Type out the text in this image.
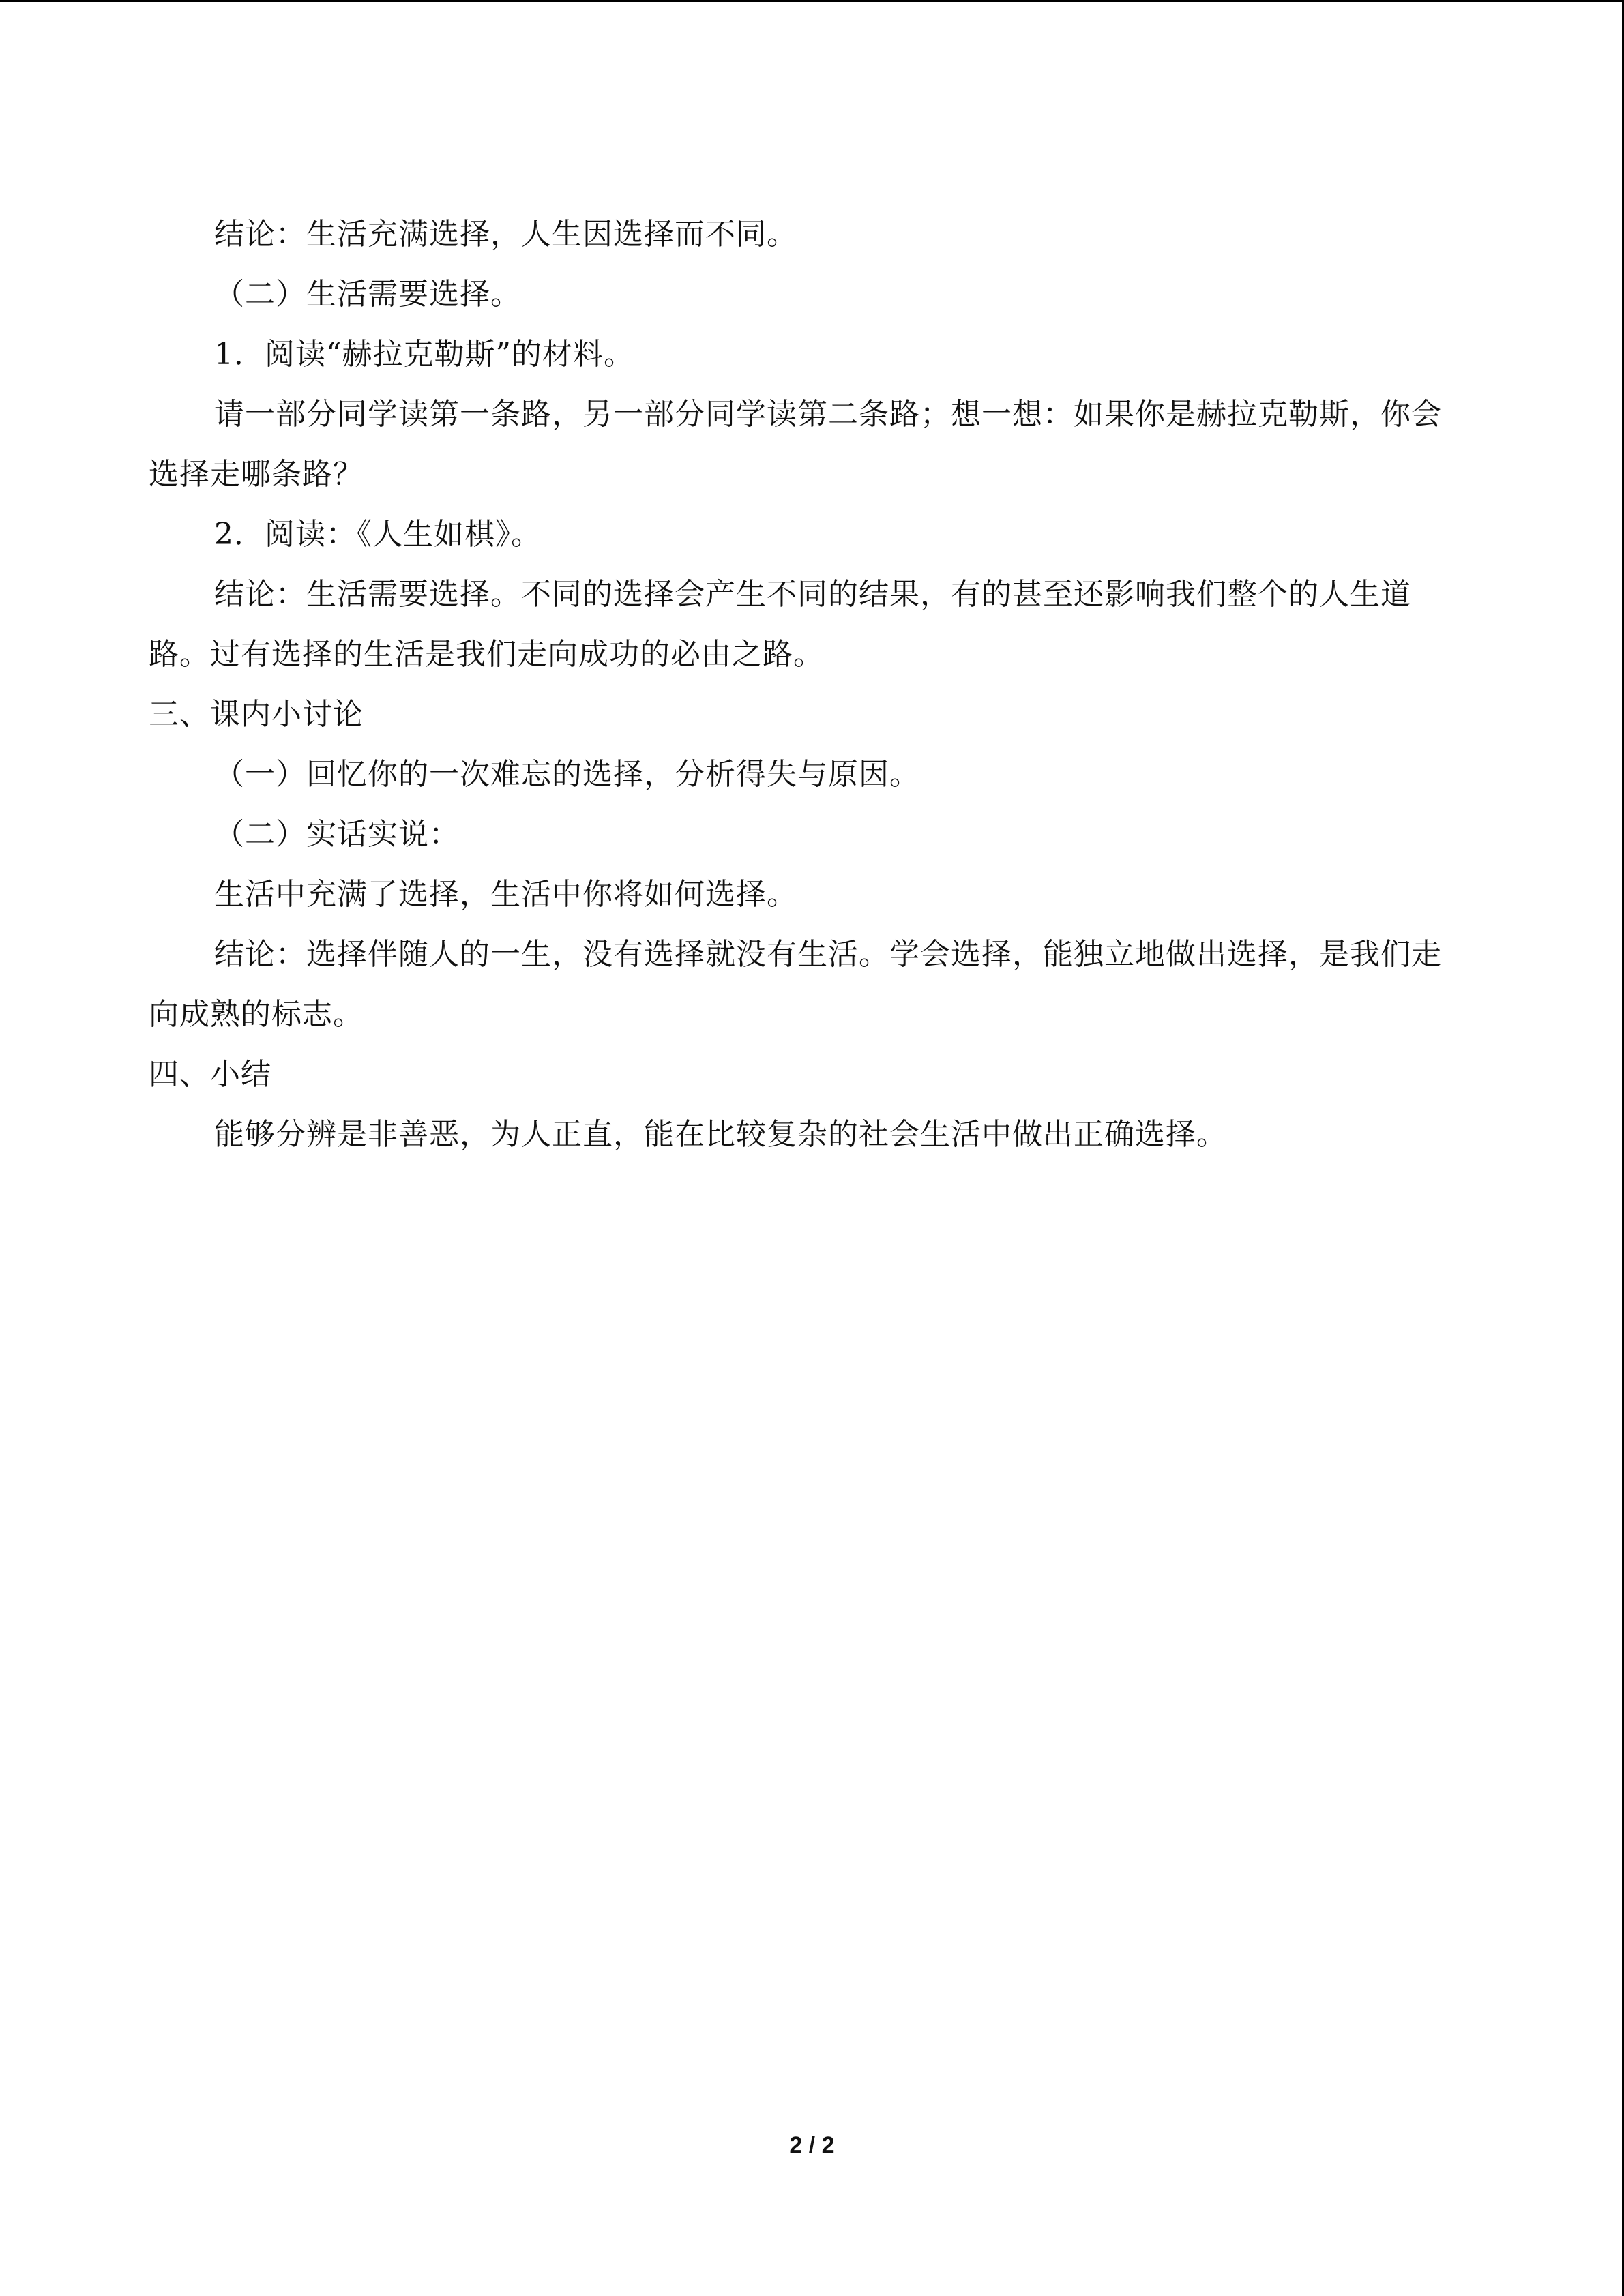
结论：生活充满选择，人生因选择而不同。

（二）生活需要选择。

1．阅读“赫拉克勒斯”的材料。

请一部分同学读第一条路，另一部分同学读第二条路；想一想：如果你是赫拉克勒斯，你会选择走哪条路？

2．阅读：《人生如棋》。

结论：生活需要选择。不同的选择会产生不同的结果，有的甚至还影响我们整个的人生道路。过有选择的生活是我们走向成功的必由之路。

三、课内小讨论

（一）回忆你的一次难忘的选择，分析得失与原因。

（二）实话实说：

生活中充满了选择，生活中你将如何选择。

结论：选择伴随人的一生，没有选择就没有生活。学会选择，能独立地做出选择，是我们走向成熟的标志。

四、小结

能够分辨是非善恶，为人正直，能在比较复杂的社会生活中做出正确选择。

2 / 2
